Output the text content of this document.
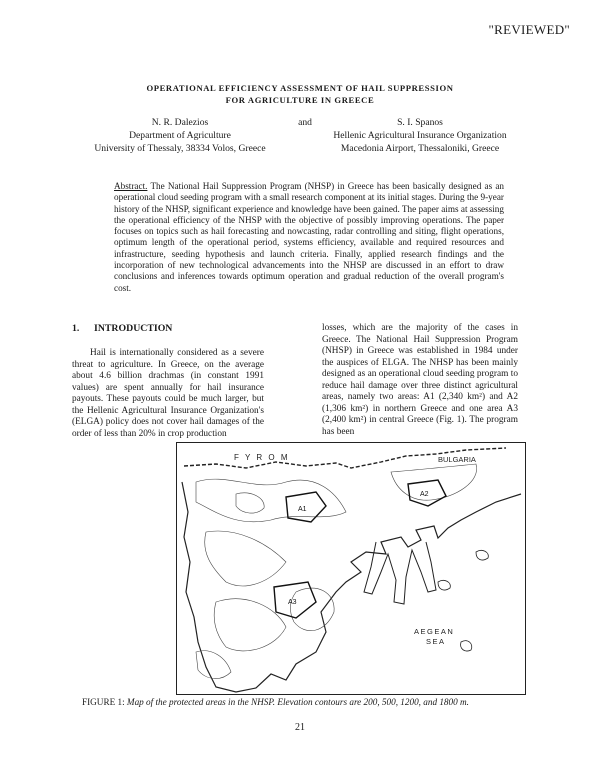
"REVIEWED"
OPERATIONAL EFFICIENCY ASSESSMENT OF HAIL SUPPRESSION
FOR AGRICULTURE IN GREECE
N. R. Dalezios
Department of Agriculture
University of Thessaly, 38334 Volos, Greece
and	S. I. Spanos
Hellenic Agricultural Insurance Organization
Macedonia Airport, Thessaloniki, Greece
Abstract. The National Hail Suppression Program (NHSP) in Greece has been basically designed as an operational cloud seeding program with a small research component at its initial stages. During the 9-year history of the NHSP, significant experience and knowledge have been gained. The paper aims at assessing the operational efficiency of the NHSP with the objective of possibly improving operations. The paper focuses on topics such as hail forecasting and nowcasting, radar controlling and siting, flight operations, optimum length of the operational period, systems efficiency, available and required resources and infrastructure, seeding hypothesis and launch criteria. Finally, applied research findings and the incorporation of new technological advancements into the NHSP are discussed in an effort to draw conclusions and inferences towards optimum operation and gradual reduction of the overall program's cost.
1. INTRODUCTION

Hail is internationally considered as a severe threat to agriculture. In Greece, on the average about 4.6 billion drachmas (in constant 1991 values) are spent annually for hail insurance payouts. These payouts could be much larger, but the Hellenic Agricultural Insurance Organization's (ELGA) policy does not cover hail damages of the order of less than 20% in crop production

losses, which are the majority of the cases in Greece. The National Hail Suppression Program (NHSP) in Greece was established in 1984 under the auspices of ELGA. The NHSP has been mainly designed as an operational cloud seeding program to reduce hail damage over three distinct agricultural areas, namely two areas: A1 (2,340 km²) and A2 (1,306 km²) in northern Greece and one area A3 (2,400 km²) in central Greece (Fig. 1). The program has been

F Y R O M	BULGARIA
A1
A2
A3
AEGEAN
SEA
FIGURE 1: Map of the protected areas in the NHSP. Elevation contours are 200, 500, 1200, and 1800 m.
21
